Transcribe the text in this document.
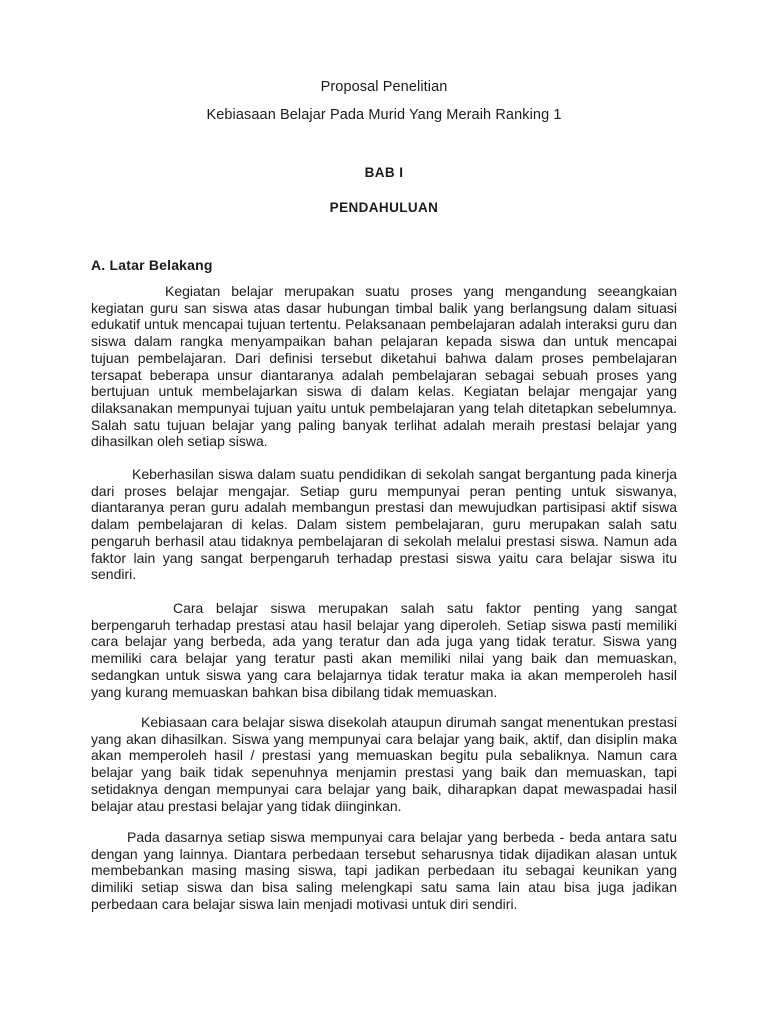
Proposal Penelitian
Kebiasaan Belajar Pada Murid Yang Meraih Ranking 1
BAB I
PENDAHULUAN
A. Latar Belakang

Kegiatan belajar merupakan suatu proses yang mengandung seeangkaian kegiatan guru san siswa atas dasar hubungan timbal balik yang berlangsung dalam situasi edukatif untuk mencapai tujuan tertentu. Pelaksanaan pembelajaran adalah interaksi guru dan siswa dalam rangka menyampaikan bahan pelajaran kepada siswa dan untuk mencapai tujuan pembelajaran. Dari definisi tersebut diketahui bahwa dalam proses pembelajaran tersapat beberapa unsur diantaranya adalah pembelajaran sebagai sebuah proses yang bertujuan untuk membelajarkan siswa di dalam kelas. Kegiatan belajar mengajar yang dilaksanakan mempunyai tujuan yaitu untuk pembelajaran yang telah ditetapkan sebelumnya. Salah satu tujuan belajar yang paling banyak terlihat adalah meraih prestasi belajar yang dihasilkan oleh setiap siswa.

Keberhasilan siswa dalam suatu pendidikan di sekolah sangat bergantung pada kinerja dari proses belajar mengajar. Setiap guru mempunyai peran penting untuk siswanya, diantaranya peran guru adalah membangun prestasi dan mewujudkan partisipasi aktif siswa dalam pembelajaran di kelas. Dalam sistem pembelajaran, guru merupakan salah satu pengaruh berhasil atau tidaknya pembelajaran di sekolah melalui prestasi siswa. Namun ada faktor lain yang sangat berpengaruh terhadap prestasi siswa yaitu cara belajar siswa itu sendiri.

Cara belajar siswa merupakan salah satu faktor penting yang sangat berpengaruh terhadap prestasi atau hasil belajar yang diperoleh. Setiap siswa pasti memiliki cara belajar yang berbeda, ada yang teratur dan ada juga yang tidak teratur. Siswa yang memiliki cara belajar yang teratur pasti akan memiliki nilai yang baik dan memuaskan, sedangkan untuk siswa yang cara belajarnya tidak teratur maka ia akan memperoleh hasil yang kurang memuaskan bahkan bisa dibilang tidak memuaskan.

Kebiasaan cara belajar siswa disekolah ataupun dirumah sangat menentukan prestasi yang akan dihasilkan. Siswa yang mempunyai cara belajar yang baik, aktif, dan disiplin maka akan memperoleh hasil / prestasi yang memuaskan begitu pula sebaliknya. Namun cara belajar yang baik tidak sepenuhnya menjamin prestasi yang baik dan memuaskan, tapi setidaknya dengan mempunyai cara belajar yang baik, diharapkan dapat mewaspadai hasil belajar atau prestasi belajar yang tidak diinginkan.

Pada dasarnya setiap siswa mempunyai cara belajar yang berbeda - beda antara satu dengan yang lainnya. Diantara perbedaan tersebut seharusnya tidak dijadikan alasan untuk membebankan masing masing siswa, tapi jadikan perbedaan itu sebagai keunikan yang dimiliki setiap siswa dan bisa saling melengkapi satu sama lain atau bisa juga jadikan perbedaan cara belajar siswa lain menjadi motivasi untuk diri sendiri.
